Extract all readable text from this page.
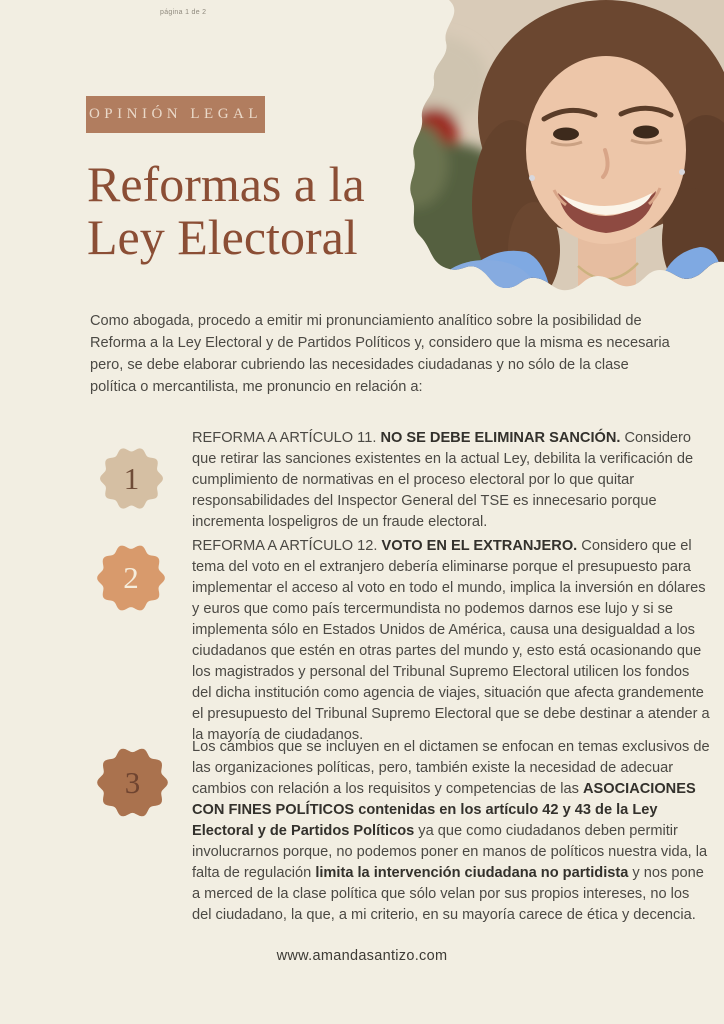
página 1 de 2
OPINIÓN LEGAL
Reformas a la
Ley Electoral
Como abogada, procedo a emitir mi pronunciamiento analítico sobre la posibilidad de Reforma a la Ley Electoral y de Partidos Políticos y, considero que la misma es necesaria pero, se debe elaborar cubriendo las necesidades ciudadanas y no sólo de la clase política o mercantilista, me pronuncio en relación a:
1
2
3
REFORMA A ARTÍCULO 11. NO SE DEBE ELIMINAR SANCIÓN. Considero que retirar las sanciones existentes en la actual Ley, debilita la verificación de cumplimiento de normativas en el proceso electoral por lo que quitar responsabilidades del Inspector General del TSE es innecesario porque incrementa lospeligros de un fraude electoral.
REFORMA A ARTÍCULO 12. VOTO EN EL EXTRANJERO. Considero que el tema del voto en el extranjero debería eliminarse porque el presupuesto para implementar el acceso al voto en todo el mundo, implica la inversión en dólares y euros que como país tercermundista no podemos darnos ese lujo y si se implementa sólo en Estados Unidos de América, causa una desigualdad a los ciudadanos que estén en otras partes del mundo y, esto está ocasionando que los magistrados y personal del Tribunal Supremo Electoral utilicen los fondos del dicha institución como agencia de viajes, situación que afecta grandemente el presupuesto del Tribunal Supremo Electoral que se debe destinar a atender a la mayoría de ciudadanos.
Los cambios que se incluyen en el dictamen se enfocan en temas exclusivos de las organizaciones políticas, pero, también existe la necesidad de adecuar cambios con relación a los requisitos y competencias de las ASOCIACIONES CON FINES POLÍTICOS contenidas en los artículo 42 y 43 de la Ley Electoral y de Partidos Políticos ya que como ciudadanos deben permitir involucrarnos porque, no podemos poner en manos de políticos nuestra vida, la falta de regulación limita la intervención ciudadana no partidista y nos pone a merced de la clase política que sólo velan por sus propios intereses, no los del ciudadano, la que, a mi criterio, en su mayoría carece de ética y decencia.
www.amandasantizo.com
